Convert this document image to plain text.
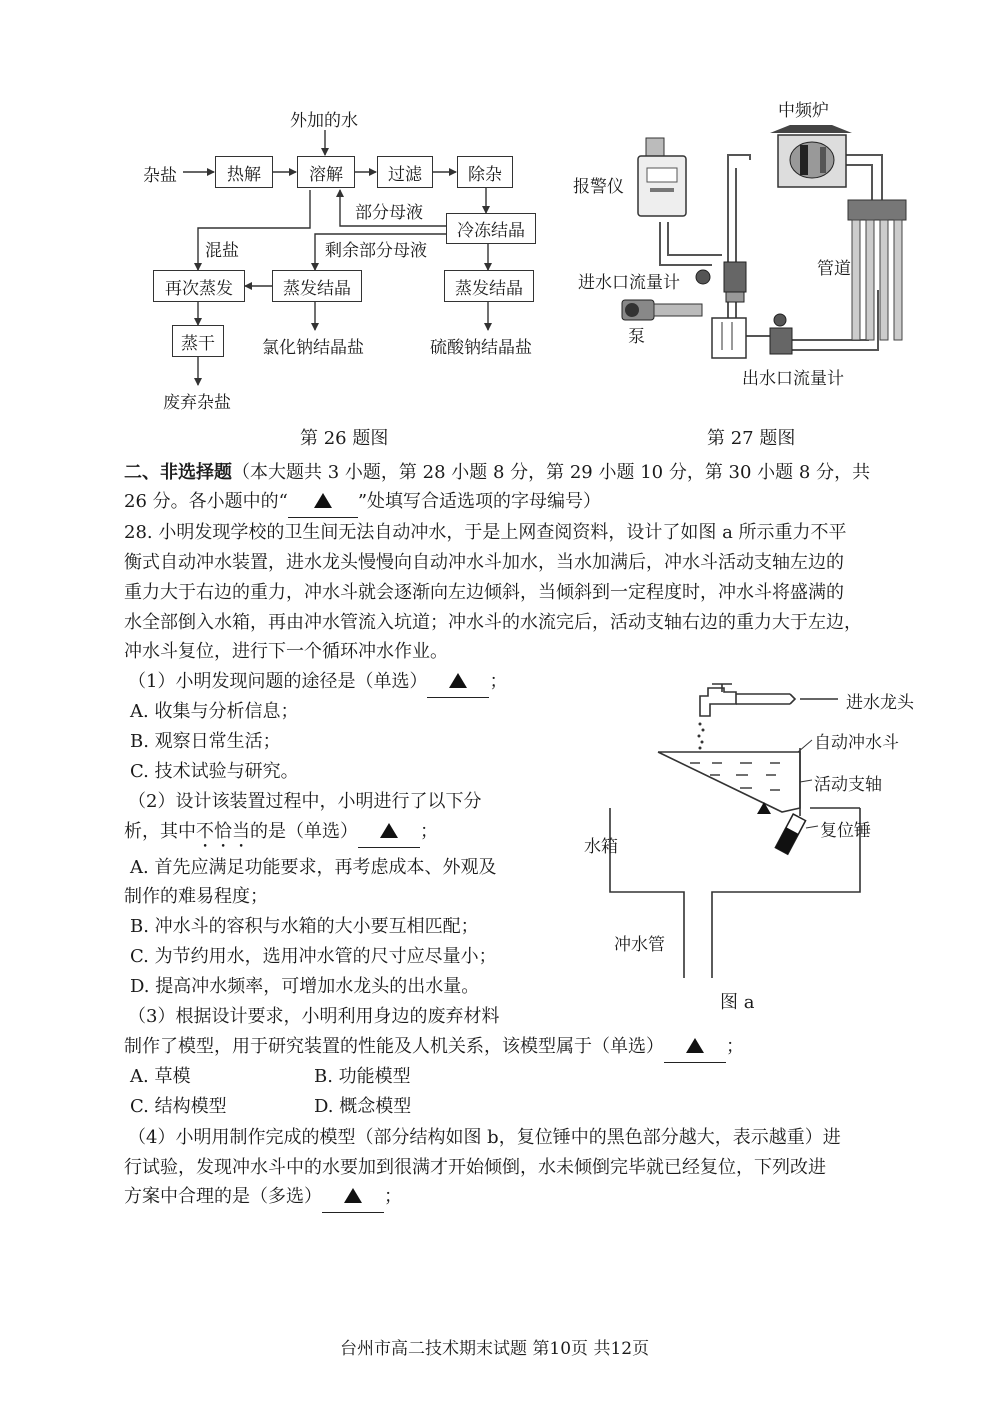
外加的水
杂盐	热解	溶解	过滤	除杂
部分母液
冷冻结晶
剩余部分母液
混盐
再次蒸发	蒸发结晶	蒸发结晶
蒸干	氯化钠结晶盐	硫酸钠结晶盐
废弃杂盐
第 26 题图
中频炉
报警仪
管道
进水口流量计
泵
出水口流量计
第 27 题图
二、非选择题（本大题共 3 小题，第 28 小题 8 分，第 29 小题 10 分，第 30 小题 8 分，共
26 分。各小题中的“	”处填写合适选项的字母编号）
28. 小明发现学校的卫生间无法自动冲水，于是上网查阅资料，设计了如图 a 所示重力不平
衡式自动冲水装置，进水龙头慢慢向自动冲水斗加水，当水加满后，冲水斗活动支轴左边的
重力大于右边的重力，冲水斗就会逐渐向左边倾斜，当倾斜到一定程度时，冲水斗将盛满的
水全部倒入水箱，再由冲水管流入坑道；冲水斗的水流完后，活动支轴右边的重力大于左边，
冲水斗复位，进行下一个循环冲水作业。
（1）小明发现问题的途径是（单选）	；
A. 收集与分析信息；
B. 观察日常生活；
C. 技术试验与研究。
（2）设计该装置过程中，小明进行了以下分
析，其中不恰当的是（单选）	；
A. 首先应满足功能要求，再考虑成本、外观及
制作的难易程度；
B. 冲水斗的容积与水箱的大小要互相匹配；
C. 为节约用水，选用冲水管的尺寸应尽量小；
D. 提高冲水频率，可增加水龙头的出水量。
（3）根据设计要求，小明利用身边的废弃材料
制作了模型，用于研究装置的性能及人机关系，该模型属于（单选）	；
A. 草模	B. 功能模型
C. 结构模型	D. 概念模型
（4）小明用制作完成的模型（部分结构如图 b，复位锤中的黑色部分越大，表示越重）进
行试验，发现冲水斗中的水要加到很满才开始倾倒，水未倾倒完毕就已经复位，下列改进
方案中合理的是（多选）	；
进水龙头
自动冲水斗
活动支轴
复位锤
水箱
冲水管
图 a
台州市高二技术期末试题 第10页 共12页
